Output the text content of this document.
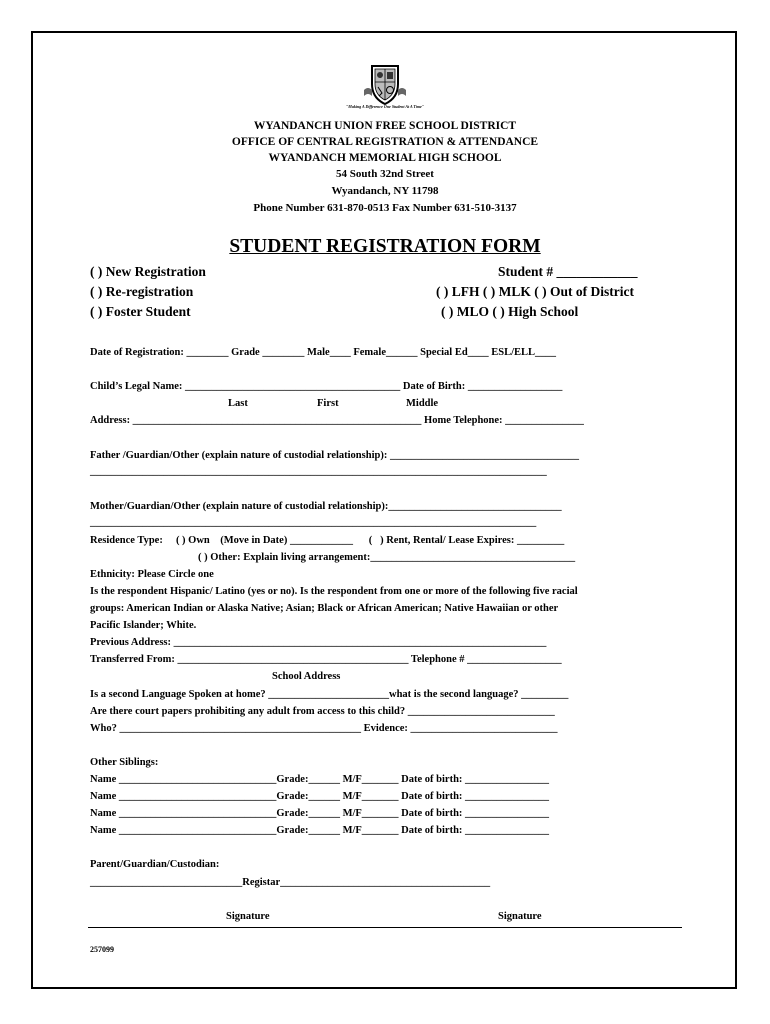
"Making A Difference One Student At A Time"
WYANDANCH UNION FREE SCHOOL DISTRICT
OFFICE OF CENTRAL REGISTRATION & ATTENDANCE
WYANDANCH MEMORIAL HIGH SCHOOL
54 South 32nd Street
Wyandanch, NY 11798
Phone Number 631-870-0513 Fax Number 631-510-3137
STUDENT REGISTRATION FORM
( ) New Registration
( ) Re-registration
( ) Foster Student
Student # ____________
( ) LFH ( ) MLK ( ) Out of District
( ) MLO ( ) High School
Date of Registration: ________ Grade ________ Male____ Female______ Special Ed____ ESL/ELL____
Child’s Legal Name: _________________________________________ Date of Birth: __________________
Last	First	Middle
Address: _______________________________________________________ Home Telephone: _______________
Father /Guardian/Other (explain nature of custodial relationship): ____________________________________
_______________________________________________________________________________________
Mother/Guardian/Other (explain nature of custodial relationship):_________________________________
_____________________________________________________________________________________
Residence Type:     ( ) Own    (Move in Date) ____________      (   ) Rent, Rental/ Lease Expires: _________
( ) Other: Explain living arrangement:_______________________________________
Ethnicity: Please Circle one
Is the respondent Hispanic/ Latino (yes or no). Is the respondent from one or more of the following five racial
groups: American Indian or Alaska Native; Asian; Black or African American; Native Hawaiian or other
Pacific Islander; White.
Previous Address: _______________________________________________________________________
Transferred From: ____________________________________________ Telephone # __________________
School Address
Is a second Language Spoken at home? _______________________what is the second language? _________
Are there court papers prohibiting any adult from access to this child? ____________________________
Who? ______________________________________________ Evidence: ____________________________
Other Siblings:
Name ______________________________Grade:______ M/F_______ Date of birth: ________________
Name ______________________________Grade:______ M/F_______ Date of birth: ________________
Name ______________________________Grade:______ M/F_______ Date of birth: ________________
Name ______________________________Grade:______ M/F_______ Date of birth: ________________
Parent/Guardian/Custodian:
_____________________________Registar________________________________________
Signature	Signature
257099
